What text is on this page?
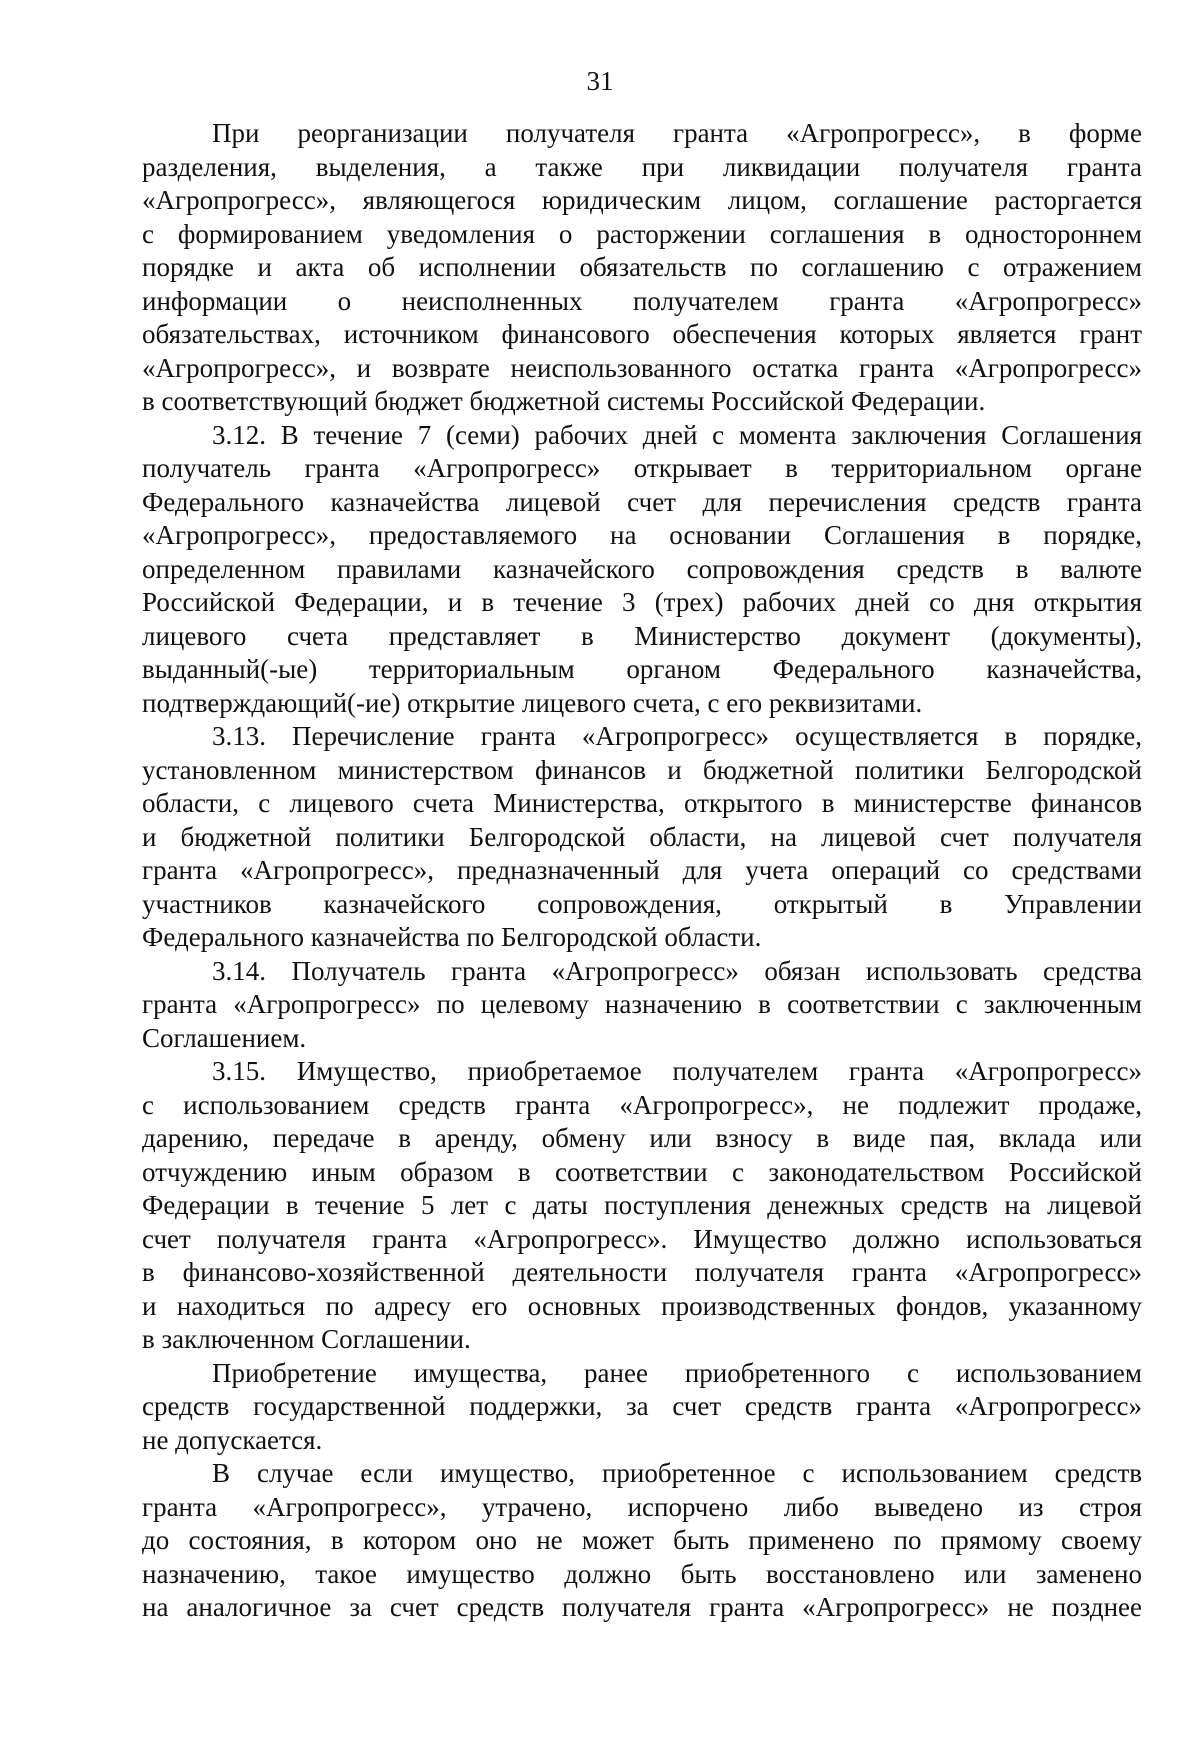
31
При реорганизации получателя гранта «Агропрогресс», в форме
разделения, выделения, а также при ликвидации получателя гранта
«Агропрогресс», являющегося юридическим лицом, соглашение расторгается
с формированием уведомления о расторжении соглашения в одностороннем
порядке и акта об исполнении обязательств по соглашению с отражением
информации о неисполненных получателем гранта «Агропрогресс»
обязательствах, источником финансового обеспечения которых является грант
«Агропрогресс», и возврате неиспользованного остатка гранта «Агропрогресс»
в соответствующий бюджет бюджетной системы Российской Федерации.
3.12. В течение 7 (семи) рабочих дней с момента заключения Соглашения
получатель гранта «Агропрогресс» открывает в территориальном органе
Федерального казначейства лицевой счет для перечисления средств гранта
«Агропрогресс», предоставляемого на основании Соглашения в порядке,
определенном правилами казначейского сопровождения средств в валюте
Российской Федерации, и в течение 3 (трех) рабочих дней со дня открытия
лицевого счета представляет в Министерство документ (документы),
выданный(-ые) территориальным органом Федерального казначейства,
подтверждающий(-ие) открытие лицевого счета, с его реквизитами.
3.13. Перечисление гранта «Агропрогресс» осуществляется в порядке,
установленном министерством финансов и бюджетной политики Белгородской
области, с лицевого счета Министерства, открытого в министерстве финансов
и бюджетной политики Белгородской области, на лицевой счет получателя
гранта «Агропрогресс», предназначенный для учета операций со средствами
участников казначейского сопровождения, открытый в Управлении
Федерального казначейства по Белгородской области.
3.14. Получатель гранта «Агропрогресс» обязан использовать средства
гранта «Агропрогресс» по целевому назначению в соответствии с заключенным
Соглашением.
3.15. Имущество, приобретаемое получателем гранта «Агропрогресс»
с использованием средств гранта «Агропрогресс», не подлежит продаже,
дарению, передаче в аренду, обмену или взносу в виде пая, вклада или
отчуждению иным образом в соответствии с законодательством Российской
Федерации в течение 5 лет с даты поступления денежных средств на лицевой
счет получателя гранта «Агропрогресс». Имущество должно использоваться
в финансово-хозяйственной деятельности получателя гранта «Агропрогресс»
и находиться по адресу его основных производственных фондов, указанному
в заключенном Соглашении.
Приобретение имущества, ранее приобретенного с использованием
средств государственной поддержки, за счет средств гранта «Агропрогресс»
не допускается.
В случае если имущество, приобретенное с использованием средств
гранта «Агропрогресс», утрачено, испорчено либо выведено из строя
до состояния, в котором оно не может быть применено по прямому своему
назначению, такое имущество должно быть восстановлено или заменено
на аналогичное за счет средств получателя гранта «Агропрогресс» не позднее
